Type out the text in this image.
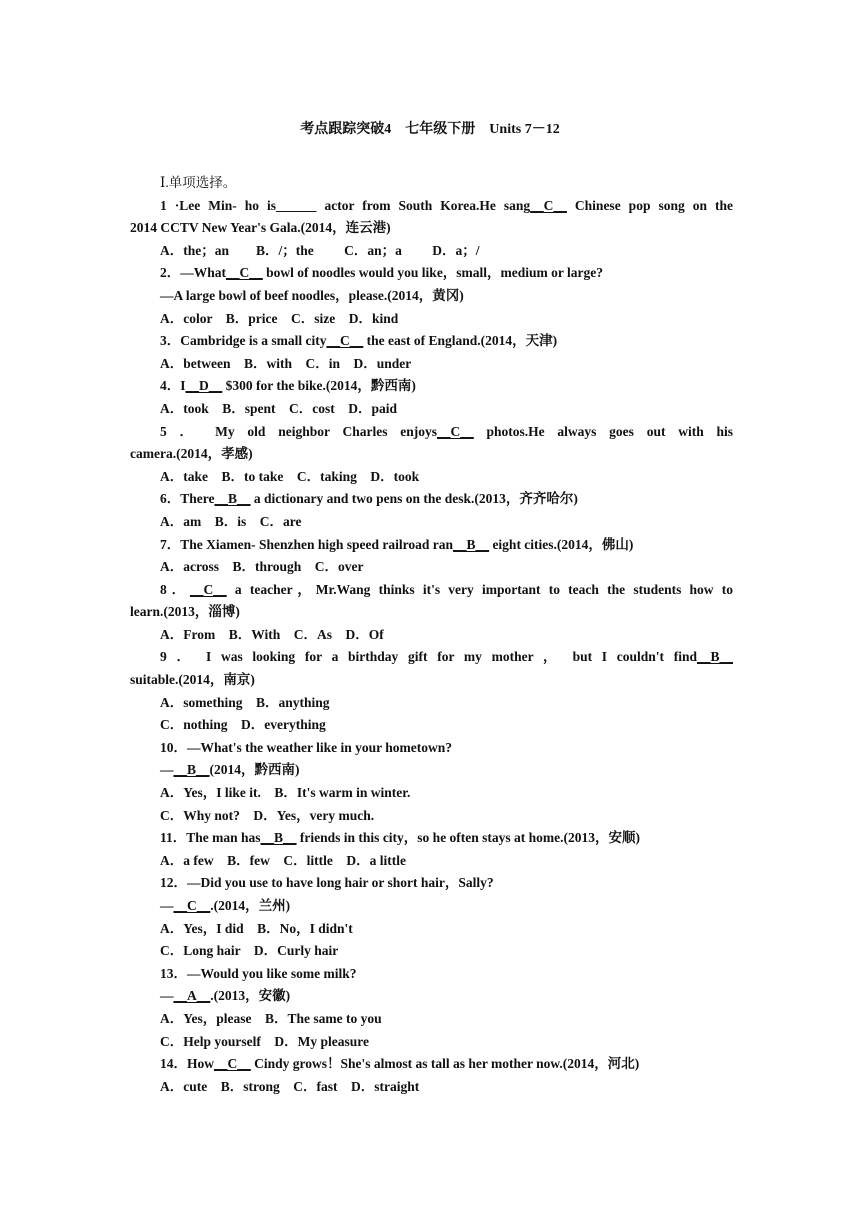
考点跟踪突破4　七年级下册　Units 7－12
Ⅰ.单项选择。
1 ·Lee Min- ho is______ actor from South Korea.He sang__C__ Chinese pop song on the
2014 CCTV New Year's Gala.(2014，连云港)
A．the；an　　B．/；the　　 C．an；a　　 D．a；/
2．—What__C__ bowl of noodles would you like，small，medium or large?
—A large bowl of beef noodles，please.(2014，黄冈)
A．color　B．price　C．size　D．kind
3．Cambridge is a small city__C__ the east of England.(2014，天津)
A．between　B．with　C．in　D．under
4．I__D__ $300 for the bike.(2014，黔西南)
A．took　B．spent　C．cost　D．paid
5 ． My old neighbor Charles enjoys__C__ photos.He always goes out with his
camera.(2014，孝感)
A．take　B．to take　C．taking　D．took
6．There__B__ a dictionary and two pens on the desk.(2013，齐齐哈尔)
A．am　B．is　C．are
7．The Xiamen- Shenzhen high speed railroad ran__B__ eight cities.(2014，佛山)
A．across　B．through　C．over
8．__C__ a teacher，Mr.Wang thinks it's very important to teach the students how to
learn.(2013，淄博)
A．From　B．With　C．As　D．Of
9 ． I was looking for a birthday gift for my mother ， but I couldn't find__B__
suitable.(2014，南京)
A．something　B．anything
C．nothing　D．everything
10．—What's the weather like in your hometown?
—__B__(2014，黔西南)
A．Yes，I like it.　B．It's warm in winter.
C．Why not?　D．Yes，very much.
11．The man has__B__ friends in this city，so he often stays at home.(2013，安顺)
A．a few　B．few　C．little　D．a little
12．—Did you use to have long hair or short hair，Sally?
—__C__.(2014，兰州)
A．Yes，I did　B．No，I didn't
C．Long hair　D．Curly hair
13．—Would you like some milk?
—__A__.(2013，安徽)
A．Yes，please　B．The same to you
C．Help yourself　D．My pleasure
14．How__C__ Cindy grows！She's almost as tall as her mother now.(2014，河北)
A．cute　B．strong　C．fast　D．straight
